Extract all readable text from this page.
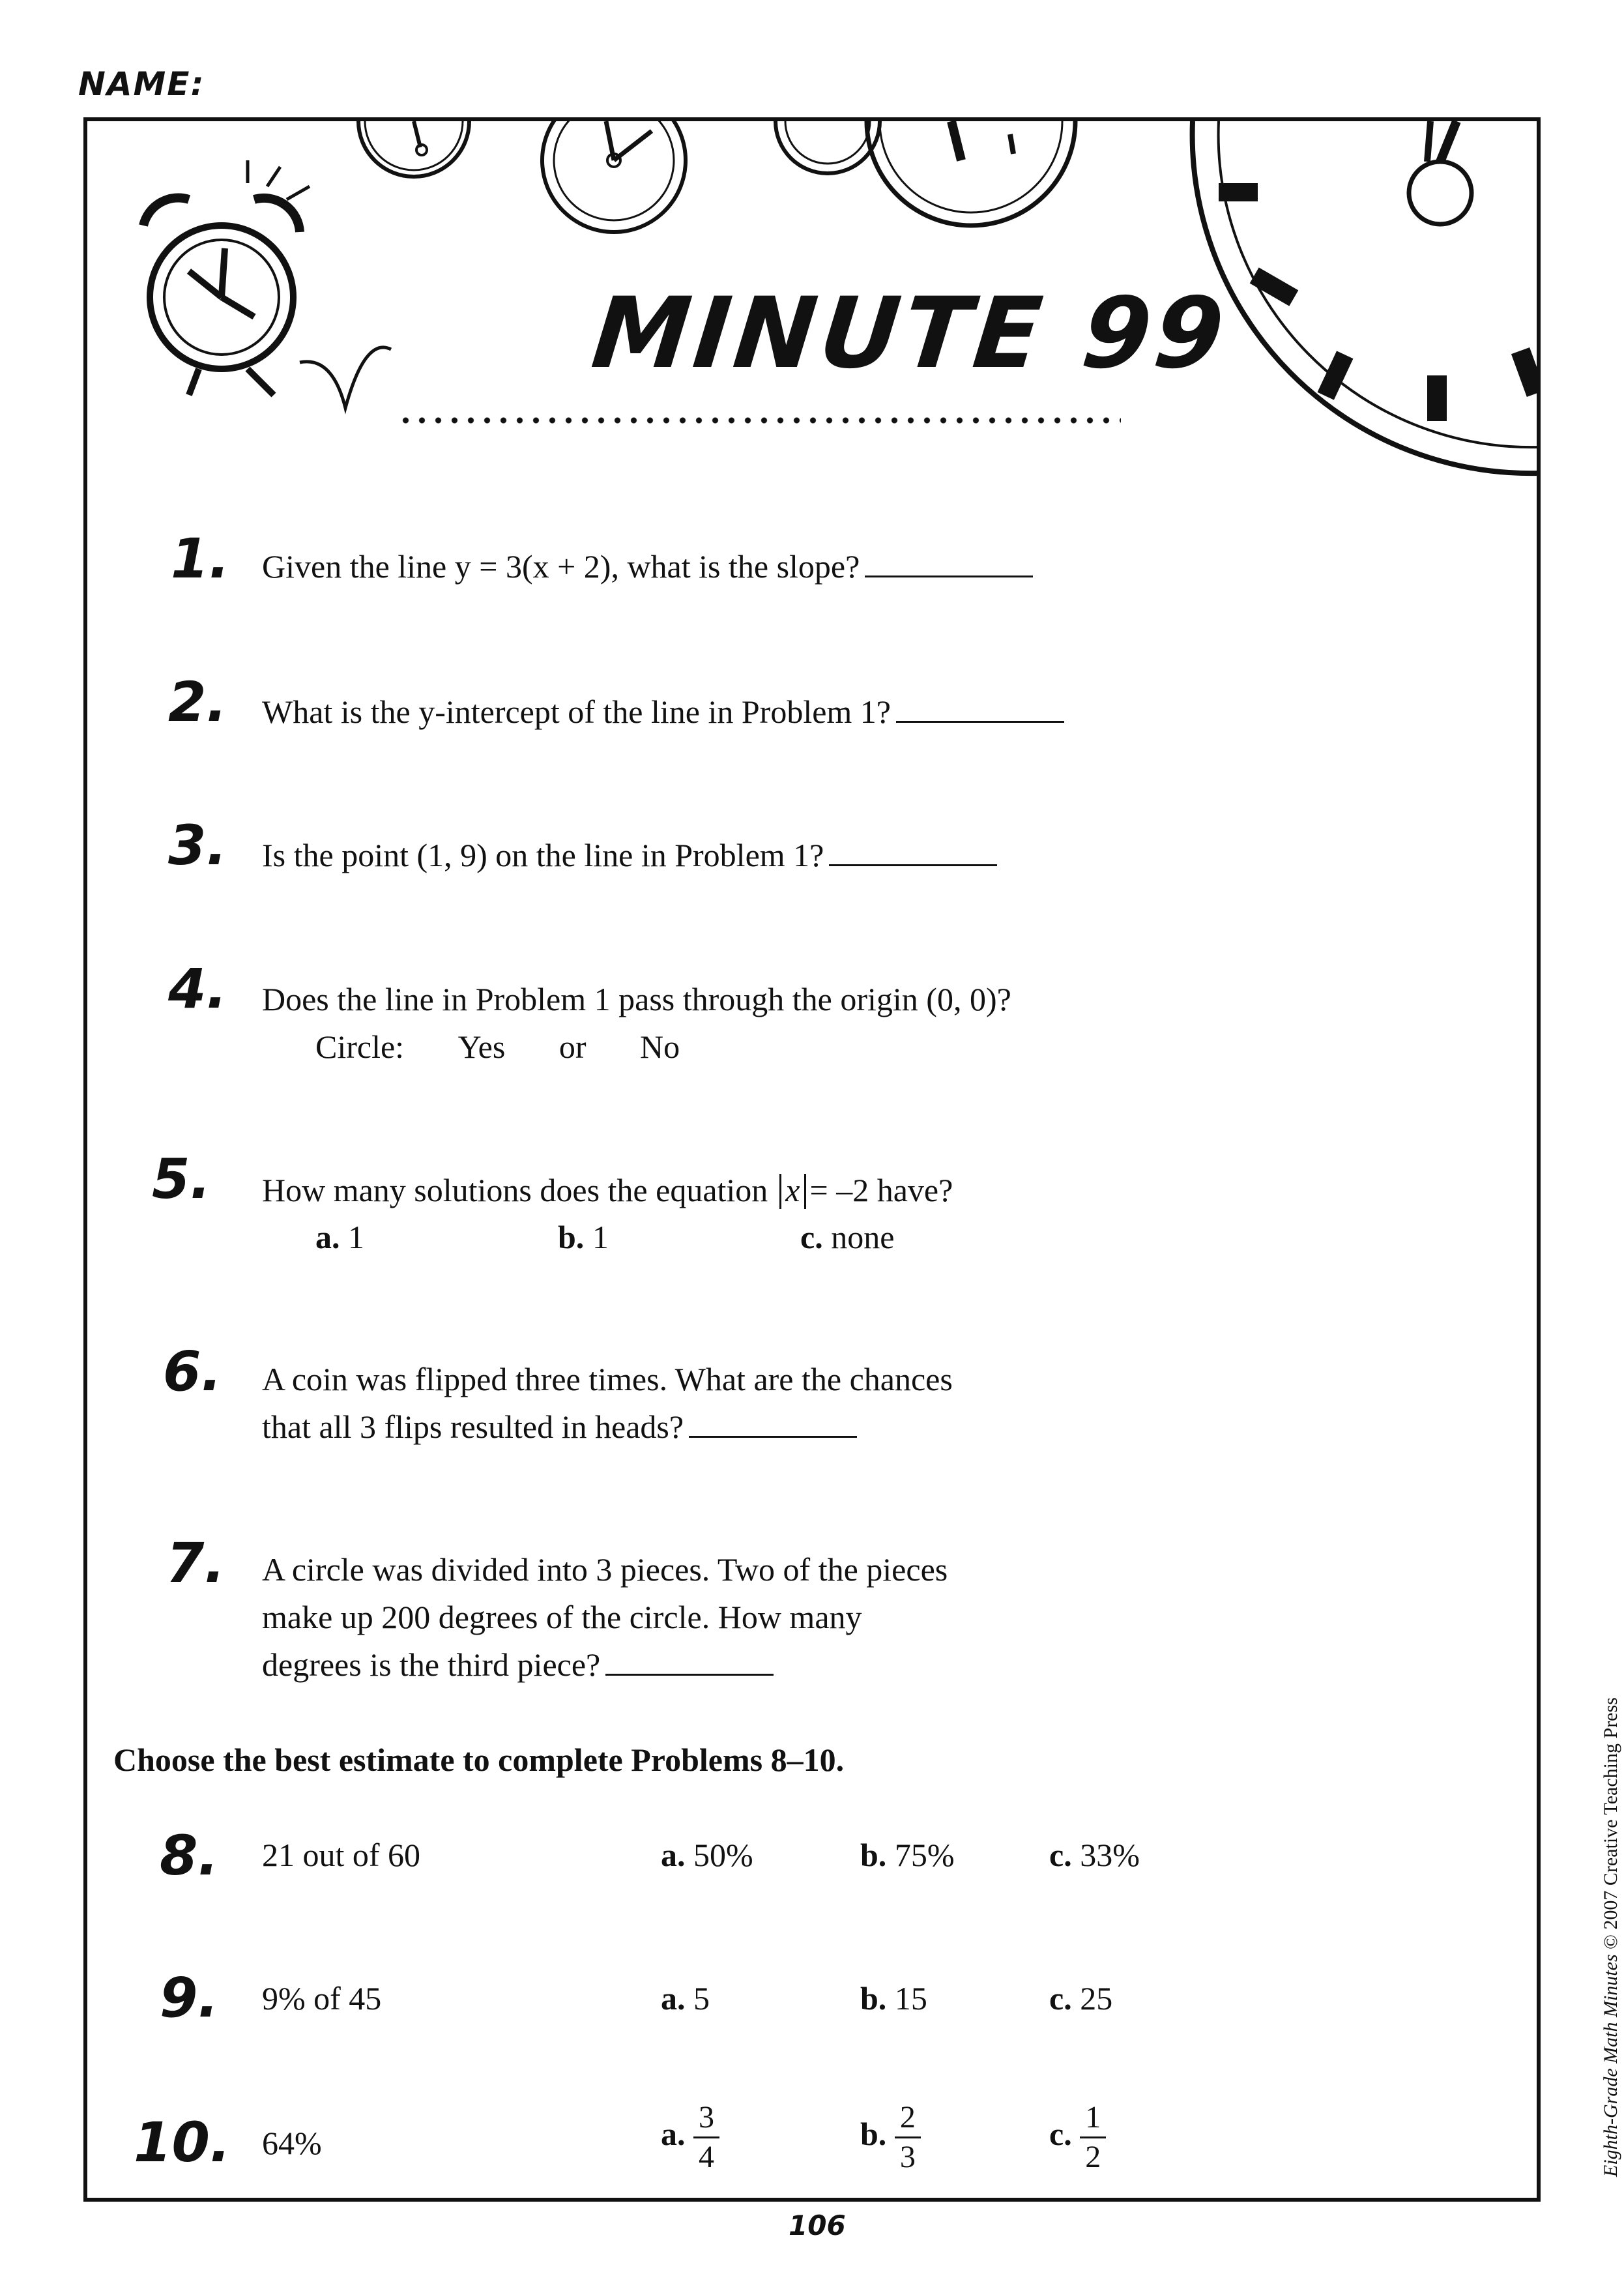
NAME:
MINUTE 99
1. Given the line y = 3(x + 2), what is the slope?
2. What is the y-intercept of the line in Problem 1?
3. Is the point (1, 9) on the line in Problem 1?
4. Does the line in Problem 1 pass through the origin (0, 0)?
Circle: Yes or No
5. How many solutions does the equation x = –2 have?
a. 1	b. 1	c. none
6. A coin was flipped three times. What are the chances
that all 3 flips resulted in heads?
7. A circle was divided into 3 pieces. Two of the pieces
make up 200 degrees of the circle. How many
degrees is the third piece?
Choose the best estimate to complete Problems 8–10.
8. 21 out of 60	a. 50%	b. 75%	c. 33%
9. 9% of 45	a. 5	b. 15	c. 25
10. 64%	a. $\frac{3}{4}$	b. $\frac{2}{3}$	c. $\frac{1}{2}$
106
Eighth-Grade Math Minutes © 2007 Creative Teaching Press
